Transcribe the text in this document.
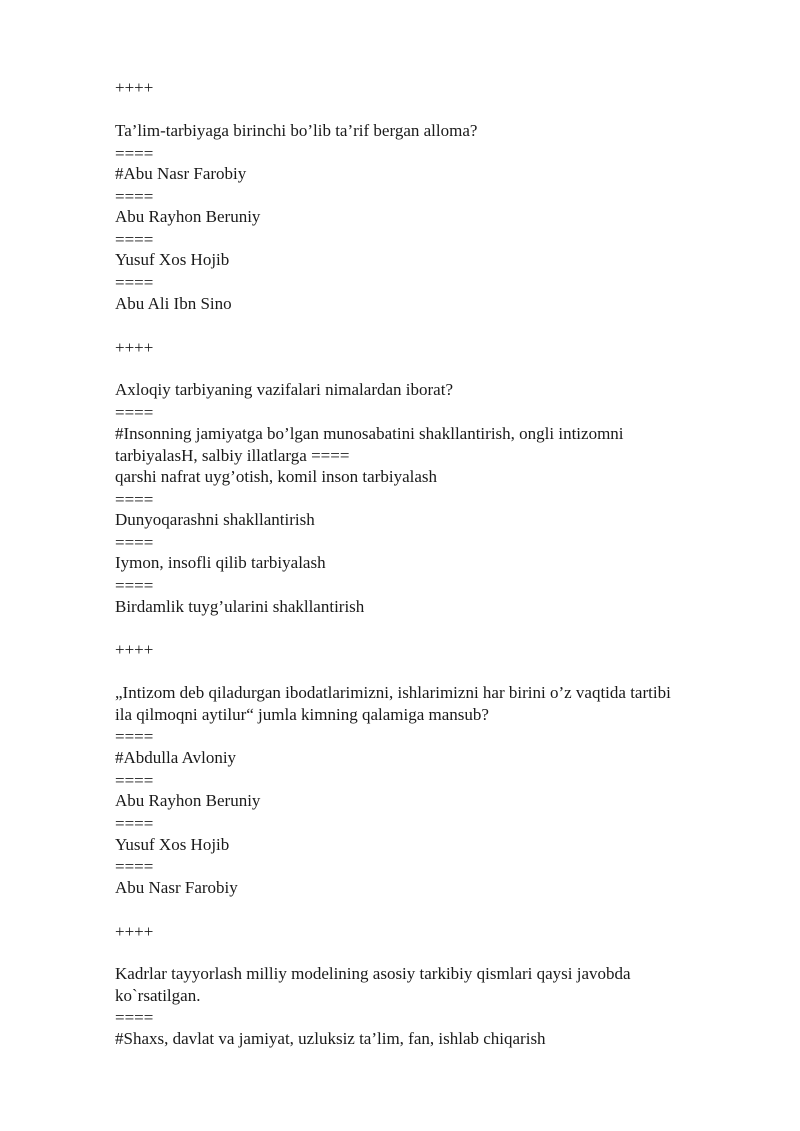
++++
Ta’lim-tarbiyaga birinchi bo’lib ta’rif bergan alloma?
====
#Abu Nasr Farobiy
====
Abu Rayhon Beruniy
====
Yusuf Xos Hojib
====
Abu Ali Ibn Sino
++++
Axloqiy tarbiyaning vazifalari nimalardan iborat?
====
#Insonning jamiyatga bo’lgan munosabatini shakllantirish, ongli intizomni
tarbiyalasH, salbiy illatlarga ====
qarshi nafrat uyg’otish, komil inson tarbiyalash
====
Dunyoqarashni shakllantirish
====
Iymon, insofli qilib tarbiyalash
====
Birdamlik tuyg’ularini shakllantirish
++++
„Intizom deb qiladurgan ibodatlarimizni, ishlarimizni har birini o’z vaqtida tartibi
ila qilmoqni aytilur“ jumla kimning qalamiga mansub?
====
#Abdulla Avloniy
====
Abu Rayhon Beruniy
====
Yusuf Xos Hojib
====
Abu Nasr Farobiy
++++
Kadrlar tayyorlash milliy modelining asosiy tarkibiy qismlari qaysi javobda
ko`rsatilgan.
====
#Shaxs, davlat va jamiyat, uzluksiz ta’lim, fan, ishlab chiqarish
